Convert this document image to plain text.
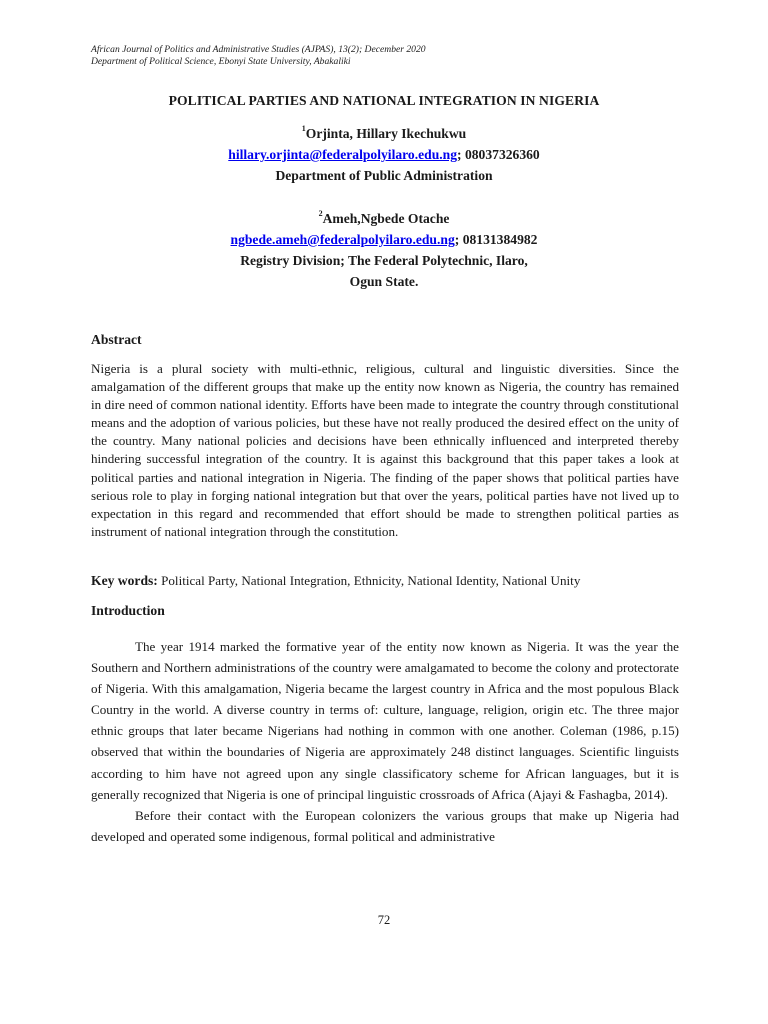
African Journal of Politics and Administrative Studies (AJPAS), 13(2); December 2020
Department of Political Science, Ebonyi State University, Abakaliki
POLITICAL PARTIES AND NATIONAL INTEGRATION IN NIGERIA
$^1$Orjinta, Hillary Ikechukwu
hillary.orjinta@federalpolyilaro.edu.ng; 08037326360
Department of Public Administration
$^2$Ameh,Ngbede Otache
ngbede.ameh@federalpolyilaro.edu.ng; 08131384982
Registry Division; The Federal Polytechnic, Ilaro,
Ogun State.
Abstract
Nigeria is a plural society with multi-ethnic, religious, cultural and linguistic diversities. Since the amalgamation of the different groups that make up the entity now known as Nigeria, the country has remained in dire need of common national identity. Efforts have been made to integrate the country through constitutional means and the adoption of various policies, but these have not really produced the desired effect on the unity of the country. Many national policies and decisions have been ethnically influenced and interpreted thereby hindering successful integration of the country. It is against this background that this paper takes a look at political parties and national integration in Nigeria. The finding of the paper shows that political parties have serious role to play in forging national integration but that over the years, political parties have not lived up to expectation in this regard and recommended that effort should be made to strengthen political parties as instrument of national integration through the constitution.
Key words: Political Party, National Integration, Ethnicity, National Identity, National Unity
Introduction

The year 1914 marked the formative year of the entity now known as Nigeria. It was the year the Southern and Northern administrations of the country were amalgamated to become the colony and protectorate of Nigeria. With this amalgamation, Nigeria became the largest country in Africa and the most populous Black Country in the world. A diverse country in terms of: culture, language, religion, origin etc. The three major ethnic groups that later became Nigerians had nothing in common with one another. Coleman (1986, p.15) observed that within the boundaries of Nigeria are approximately 248 distinct languages. Scientific linguists according to him have not agreed upon any single classificatory scheme for African languages, but it is generally recognized that Nigeria is one of principal linguistic crossroads of Africa (Ajayi & Fashagba, 2014).

Before their contact with the European colonizers the various groups that make up Nigeria had developed and operated some indigenous, formal political and administrative

72
